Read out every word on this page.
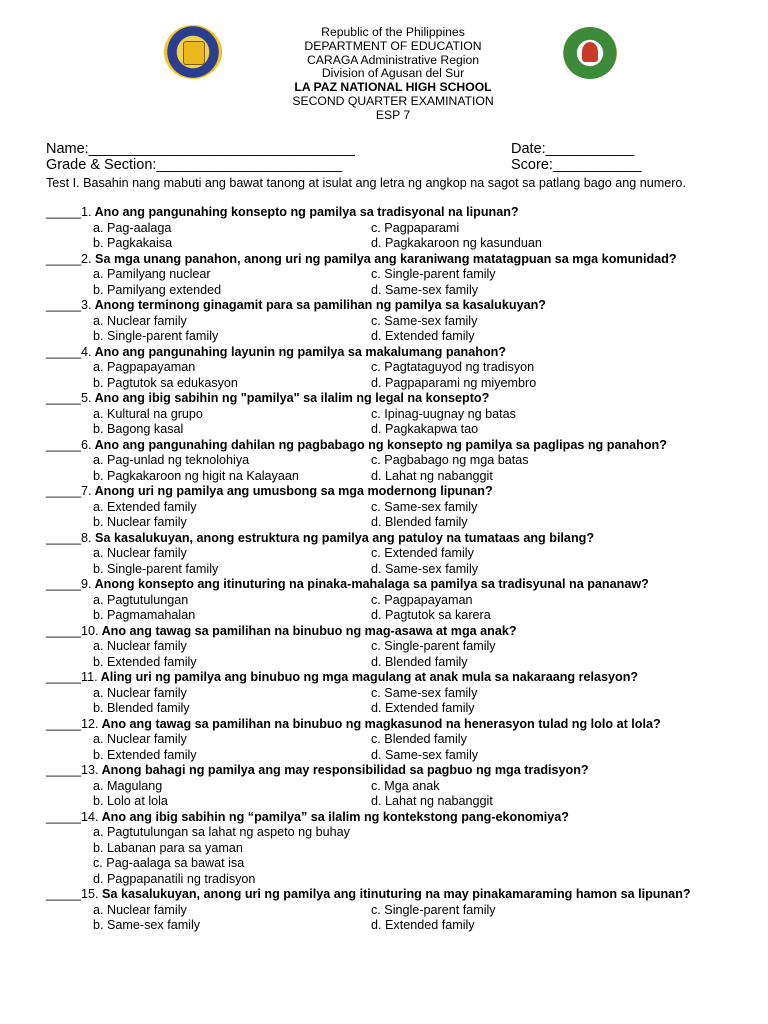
Republic of the Philippines
DEPARTMENT OF EDUCATION
CARAGA Administrative Region
Division of Agusan del Sur
LA PAZ NATIONAL HIGH SCHOOL
SECOND QUARTER EXAMINATION
ESP 7
Name:_________________________________	Date:___________
Grade & Section:_______________________	Score:___________
Test I. Basahin nang mabuti ang bawat tanong at isulat ang letra ng angkop na sagot sa patlang bago ang numero.
_____1. Ano ang pangunahing konsepto ng pamilya sa tradisyonal na lipunan?
a. Pag-aalaga	c. Pagpaparami
b. Pagkakaisa	d. Pagkakaroon ng kasunduan
_____2. Sa mga unang panahon, anong uri ng pamilya ang karaniwang matatagpuan sa mga komunidad?
a. Pamilyang nuclear	c. Single-parent family
b. Pamilyang extended	d. Same-sex family
_____3. Anong terminong ginagamit para sa pamilihan ng pamilya sa kasalukuyan?
a. Nuclear family	c. Same-sex family
b. Single-parent family	d. Extended family
_____4. Ano ang pangunahing layunin ng pamilya sa makalumang panahon?
a. Pagpapayaman	c. Pagtataguyod ng tradisyon
b. Pagtutok sa edukasyon	d. Pagpaparami ng miyembro
_____5. Ano ang ibig sabihin ng "pamilya" sa ilalim ng legal na konsepto?
a. Kultural na grupo	c. Ipinag-uugnay ng batas
b. Bagong kasal	d. Pagkakapwa tao
_____6. Ano ang pangunahing dahilan ng pagbabago ng konsepto ng pamilya sa paglipas ng panahon?
a. Pag-unlad ng teknolohiya	c. Pagbabago ng mga batas
b. Pagkakaroon ng higit na Kalayaan	d. Lahat ng nabanggit
_____7. Anong uri ng pamilya ang umusbong sa mga modernong lipunan?
a. Extended family	c. Same-sex family
b. Nuclear family	d. Blended family
_____8. Sa kasalukuyan, anong estruktura ng pamilya ang patuloy na tumataas ang bilang?
a. Nuclear family	c. Extended family
b. Single-parent family	d. Same-sex family
_____9. Anong konsepto ang itinuturing na pinaka-mahalaga sa pamilya sa tradisyunal na pananaw?
a. Pagtutulungan	c. Pagpapayaman
b. Pagmamahalan	d. Pagtutok sa karera
_____10. Ano ang tawag sa pamilihan na binubuo ng mag-asawa at mga anak?
a. Nuclear family	c. Single-parent family
b. Extended family	d. Blended family
_____11. Aling uri ng pamilya ang binubuo ng mga magulang at anak mula sa nakaraang relasyon?
a. Nuclear family	c. Same-sex family
b. Blended family	d. Extended family
_____12. Ano ang tawag sa pamilihan na binubuo ng magkasunod na henerasyon tulad ng lolo at lola?
a. Nuclear family	c. Blended family
b. Extended family	d. Same-sex family
_____13. Anong bahagi ng pamilya ang may responsibilidad sa pagbuo ng mga tradisyon?
a. Magulang	c. Mga anak
b. Lolo at lola	d. Lahat ng nabanggit
_____14. Ano ang ibig sabihin ng “pamilya” sa ilalim ng kontekstong pang-ekonomiya?
a. Pagtutulungan sa lahat ng aspeto ng buhay
b. Labanan para sa yaman
c. Pag-aalaga sa bawat isa
d. Pagpapanatili ng tradisyon
_____15. Sa kasalukuyan, anong uri ng pamilya ang itinuturing na may pinakamaraming hamon sa lipunan?
a. Nuclear family	c. Single-parent family
b. Same-sex family	d. Extended family
